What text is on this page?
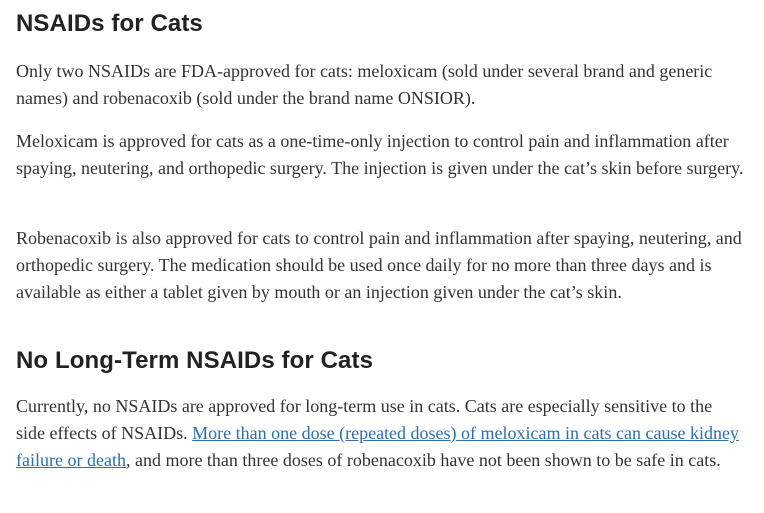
NSAIDs for Cats

Only two NSAIDs are FDA-approved for cats: meloxicam (sold under several brand and generic names) and robenacoxib (sold under the brand name ONSIOR).

Meloxicam is approved for cats as a one-time-only injection to control pain and inflammation after spaying, neutering, and orthopedic surgery. The injection is given under the cat’s skin before surgery.

Robenacoxib is also approved for cats to control pain and inflammation after spaying, neutering, and orthopedic surgery. The medication should be used once daily for no more than three days and is available as either a tablet given by mouth or an injection given under the cat’s skin.

No Long-Term NSAIDs for Cats

Currently, no NSAIDs are approved for long-term use in cats. Cats are especially sensitive to the side effects of NSAIDs. More than one dose (repeated doses) of meloxicam in cats can cause kidney failure or death, and more than three doses of robenacoxib have not been shown to be safe in cats.
